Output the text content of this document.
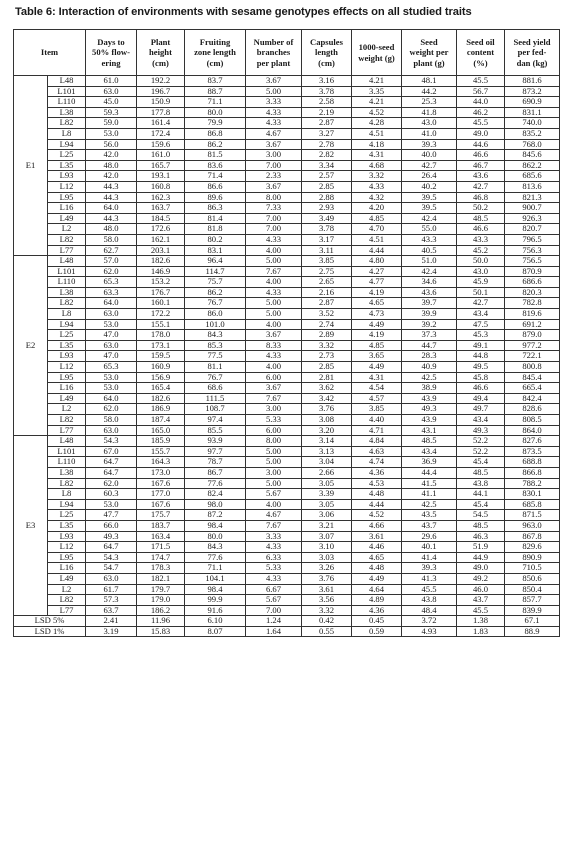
Table 6: Interaction of environments with sesame genotypes effects on all studied traits
Item		Days to
50% flow-
ering	Plant
height
(cm)	Fruiting
zone length
(cm)	Number of
branches
per plant	Capsules
length
(cm)	1000-seed
weight (g)	Seed
weight per
plant (g)	Seed oil
content
(%)	Seed yield
per fed-
dan (kg)

E1	L48	61.0	192.2	83.7	3.67	3.16	4.21	48.1	45.5	881.6
	L101	63.0	196.7	88.7	5.00	3.78	3.35	44.2	56.7	873.2
	L110	45.0	150.9	71.1	3.33	2.58	4.21	25.3	44.0	690.9
	L38	59.3	177.8	80.0	4.33	2.19	4.52	41.8	46.2	831.1
	L82	59.0	161.4	79.9	4.33	2.87	4.28	43.0	45.5	740.0
	L8	53.0	172.4	86.8	4.67	3.27	4.51	41.0	49.0	835.2
	L94	56.0	159.6	86.2	3.67	2.78	4.18	39.3	44.6	768.0
	L25	42.0	161.0	81.5	3.00	2.82	4.31	40.0	46.6	845.6
	L35	48.0	165.7	83.6	7.00	3.34	4.68	42.7	46.7	862.2
	L93	42.0	193.1	71.4	2.33	2.57	3.32	26.4	43.6	685.6
	L12	44.3	160.8	86.6	3.67	2.85	4.33	40.2	42.7	813.6
	L95	44.3	162.3	89.6	8.00	2.88	4.32	39.5	46.8	821.3
	L16	64.0	163.7	86.3	7.33	2.93	4.20	39.5	50.2	900.7
	L49	44.3	184.5	81.4	7.00	3.49	4.85	42.4	48.5	926.3
	L2	48.0	172.6	81.8	7.00	3.78	4.70	55.0	46.6	820.7
	L82	58.0	162.1	80.2	4.33	3.17	4.51	43.3	43.3	796.5
	L77	62.7	203.1	83.1	4.00	3.11	4.44	40.5	45.2	756.3
E2	L48	57.0	182.6	96.4	5.00	3.85	4.80	51.0	50.0	756.5
	L101	62.0	146.9	114.7	7.67	2.75	4.27	42.4	43.0	870.9
	L110	65.3	153.2	75.7	4.00	2.65	4.77	34.6	45.9	686.6
	L38	63.3	176.7	86.2	4.33	2.16	4.19	43.6	50.1	820.3
	L82	64.0	160.1	76.7	5.00	2.87	4.65	39.7	42.7	782.8
	L8	63.0	172.2	86.0	5.00	3.52	4.73	39.9	43.4	819.6
	L94	53.0	155.1	101.0	4.00	2.74	4.49	39.2	47.5	691.2
	L25	47.0	178.0	84.3	3.67	2.89	4.19	37.3	45.3	879.0
	L35	63.0	173.1	85.3	8.33	3.32	4.85	44.7	49.1	977.2
	L93	47.0	159.5	77.5	4.33	2.73	3.65	28.3	44.8	722.1
	L12	65.3	160.9	81.1	4.00	2.85	4.49	40.9	49.5	800.8
	L95	53.0	156.9	76.7	6.00	2.81	4.31	42.5	45.8	845.4
	L16	53.0	165.4	68.6	3.67	3.62	4.54	38.9	46.6	665.4
	L49	64.0	182.6	111.5	7.67	3.42	4.57	43.9	49.4	842.4
	L2	62.0	186.9	108.7	3.00	3.76	3.85	49.3	49.7	828.6
	L82	58.0	187.4	97.4	5.33	3.08	4.40	43.9	43.4	808.5
	L77	63.0	165.0	85.5	6.00	3.20	4.71	43.1	49.3	864.0
E3	L48	54.3	185.9	93.9	8.00	3.14	4.84	48.5	52.2	827.6
	L101	67.0	155.7	97.7	5.00	3.13	4.63	43.4	52.2	873.5
	L110	64.7	164.3	78.7	5.00	3.04	4.74	36.9	45.4	688.8
	L38	64.7	173.0	86.7	3.00	2.66	4.36	44.4	48.5	866.8
	L82	62.0	167.6	77.6	5.00	3.05	4.53	41.5	43.8	788.2
	L8	60.3	177.0	82.4	5.67	3.39	4.48	41.1	44.1	830.1
	L94	53.0	167.6	98.0	4.00	3.05	4.44	42.5	45.4	685.8
	L25	47.7	175.7	87.2	4.67	3.06	4.52	43.5	54.5	871.5
	L35	66.0	183.7	98.4	7.67	3.21	4.66	43.7	48.5	963.0
	L93	49.3	163.4	80.0	3.33	3.07	3.61	29.6	46.3	867.8
	L12	64.7	171.5	84.3	4.33	3.10	4.46	40.1	51.9	829.6
	L95	54.3	174.7	77.6	6.33	3.03	4.65	41.4	44.9	890.9
	L16	54.7	178.3	71.1	5.33	3.26	4.48	39.3	49.0	710.5
	L49	63.0	182.1	104.1	4.33	3.76	4.49	41.3	49.2	850.6
	L2	61.7	179.7	98.4	6.67	3.61	4.64	45.5	46.0	850.4
	L82	57.3	179.0	99.9	5.67	3.56	4.89	43.8	43.7	857.7
	L77	63.7	186.2	91.6	7.00	3.32	4.36	48.4	45.5	839.9
LSD 5%		2.41	11.96	6.10	1.24	0.42	0.45	3.72	1.38	67.1
LSD 1%		3.19	15.83	8.07	1.64	0.55	0.59	4.93	1.83	88.9
